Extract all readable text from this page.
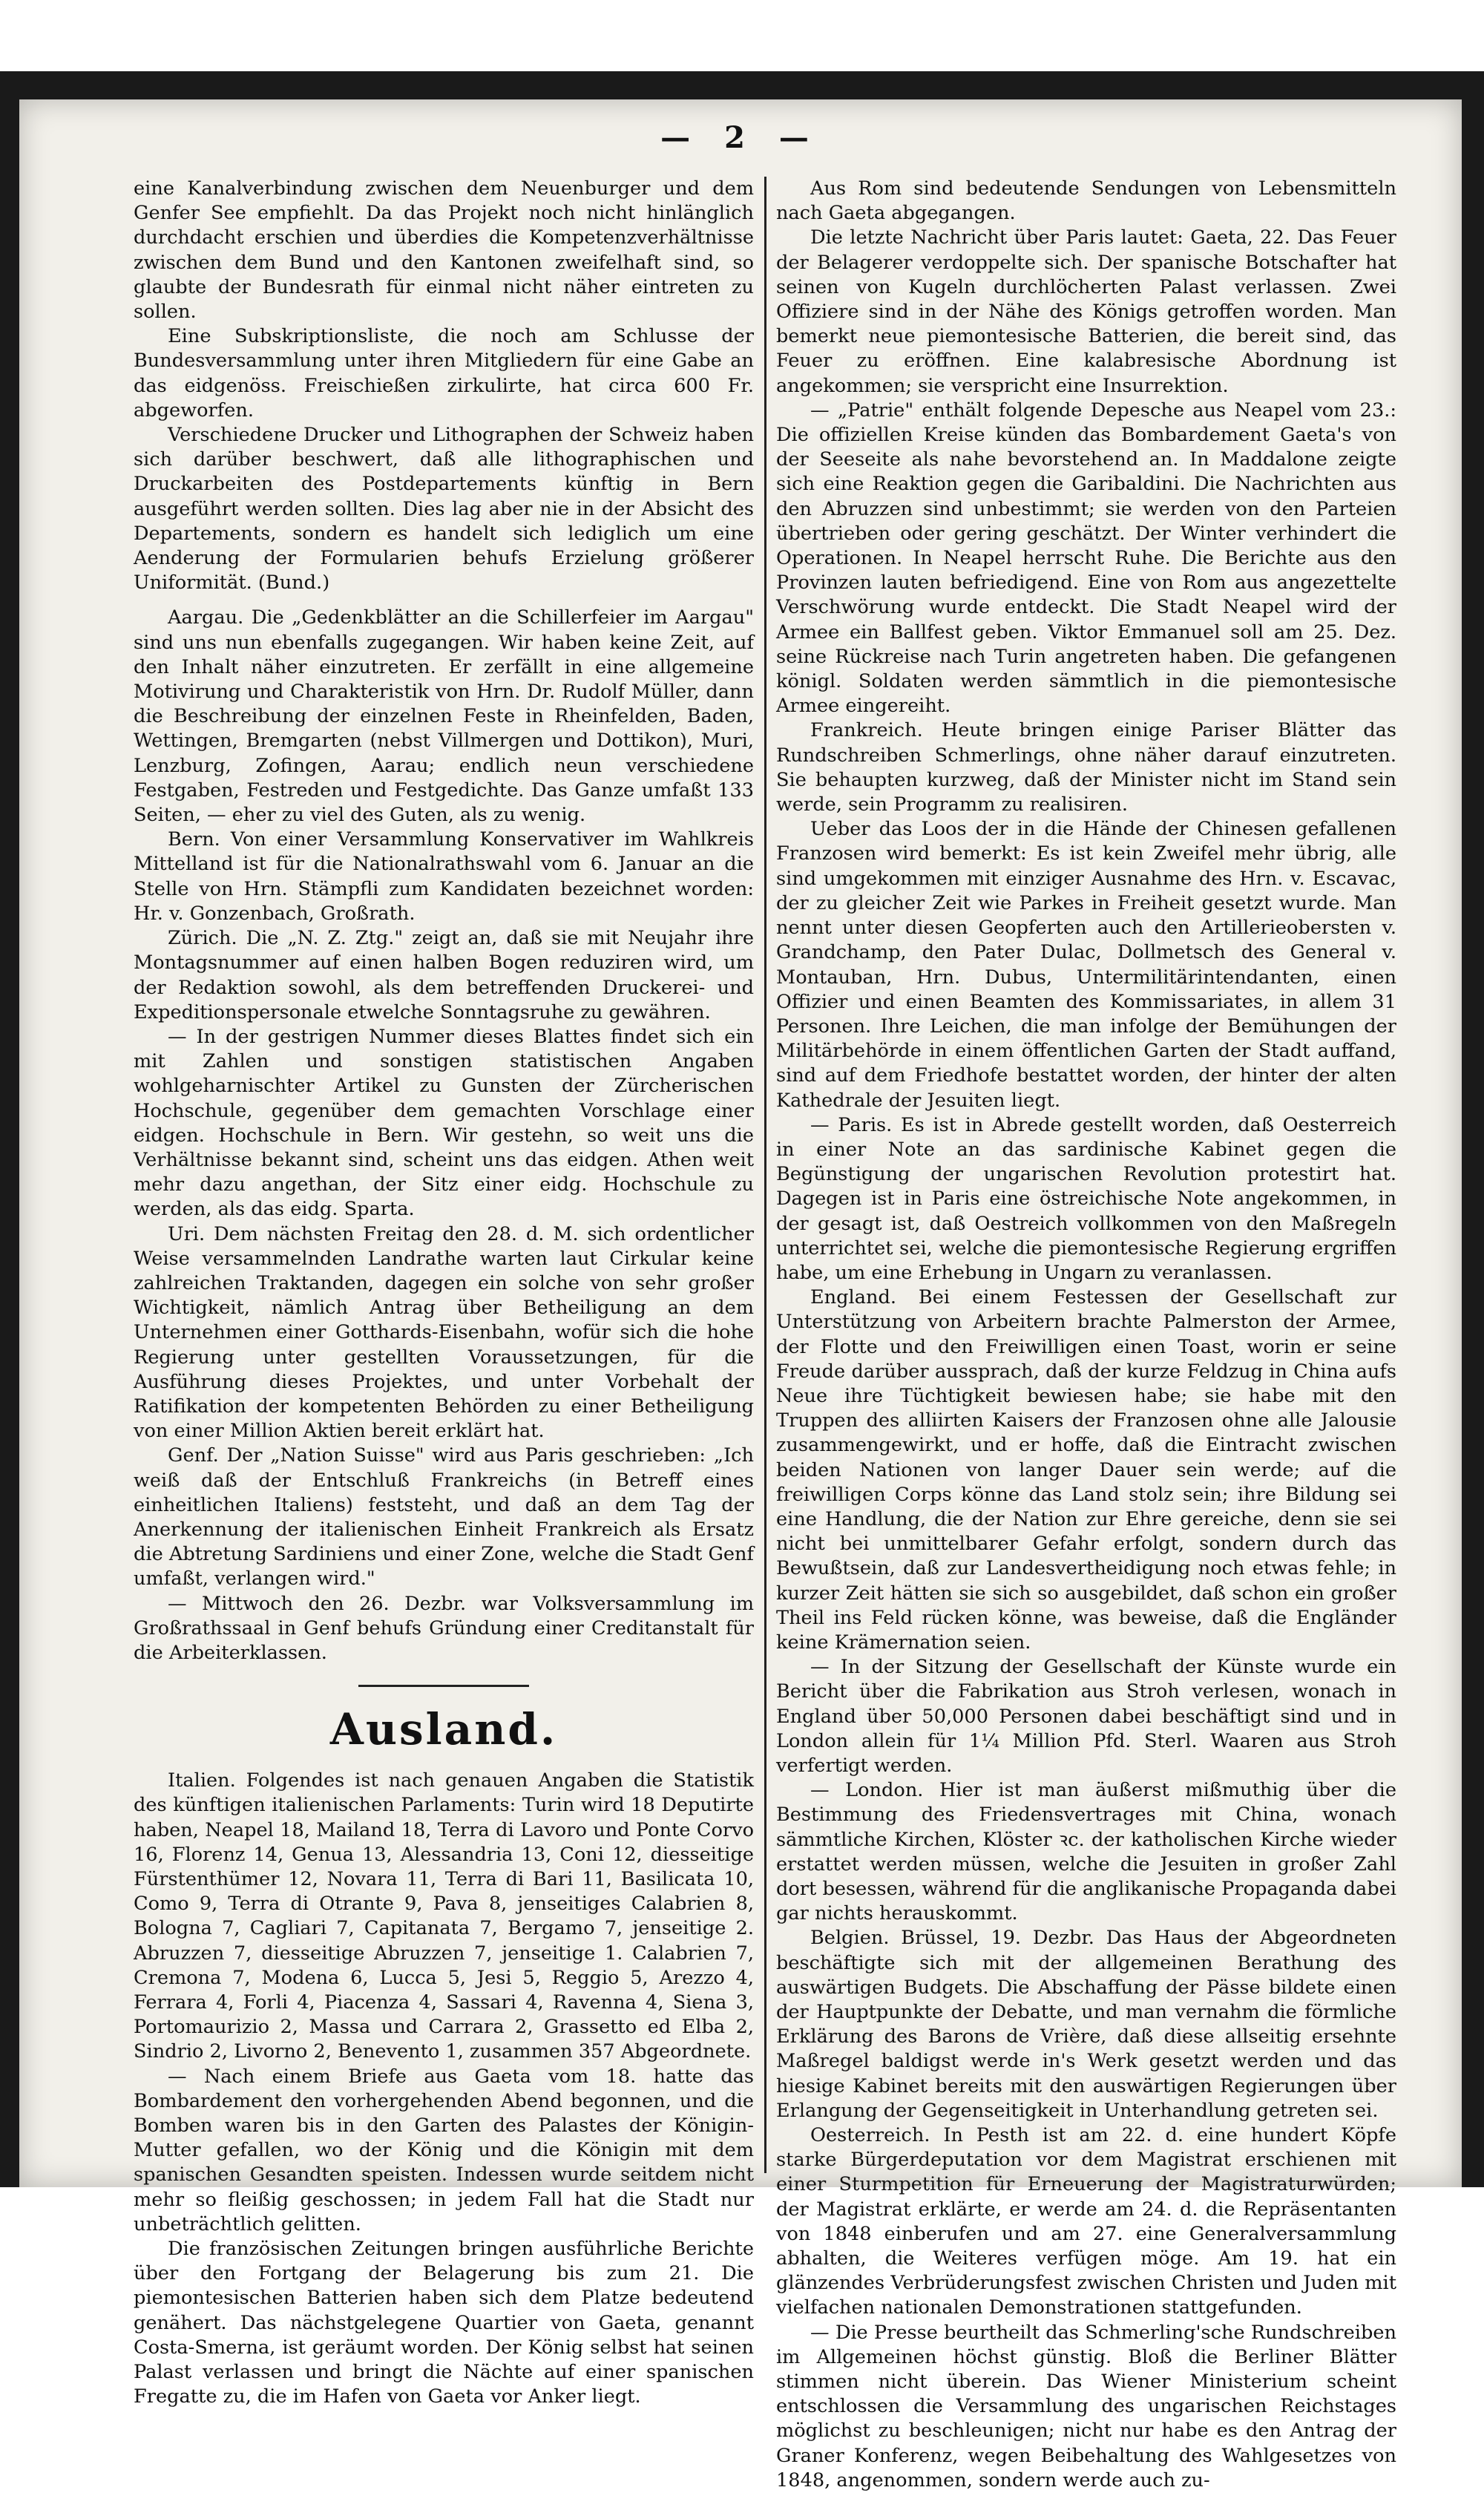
— 2 —

eine Kanalverbindung zwischen dem Neuenburger und dem Genfer See empfiehlt. Da das Projekt noch nicht hinlänglich durchdacht erschien und überdies die Kompetenzverhältnisse zwischen dem Bund und den Kantonen zweifelhaft sind, so glaubte der Bundesrath für einmal nicht näher eintreten zu sollen.

Eine Subskriptionsliste, die noch am Schlusse der Bundesversammlung unter ihren Mitgliedern für eine Gabe an das eidgenöss. Freischießen zirkulirte, hat circa 600 Fr. abgeworfen.

Verschiedene Drucker und Lithographen der Schweiz haben sich darüber beschwert, daß alle lithographischen und Druckarbeiten des Postdepartements künftig in Bern ausgeführt werden sollten. Dies lag aber nie in der Absicht des Departements, sondern es handelt sich lediglich um eine Aenderung der Formularien behufs Erzielung größerer Uniformität. (Bund.)

Aargau. Die „Gedenkblätter an die Schillerfeier im Aargau" sind uns nun ebenfalls zugegangen. Wir haben keine Zeit, auf den Inhalt näher einzutreten. Er zerfällt in eine allgemeine Motivirung und Charakteristik von Hrn. Dr. Rudolf Müller, dann die Beschreibung der einzelnen Feste in Rheinfelden, Baden, Wettingen, Bremgarten (nebst Villmergen und Dottikon), Muri, Lenzburg, Zofingen, Aarau; endlich neun verschiedene Festgaben, Festreden und Festgedichte. Das Ganze umfaßt 133 Seiten, — eher zu viel des Guten, als zu wenig.

Bern. Von einer Versammlung Konservativer im Wahlkreis Mittelland ist für die Nationalrathswahl vom 6. Januar an die Stelle von Hrn. Stämpfli zum Kandidaten bezeichnet worden: Hr. v. Gonzenbach, Großrath.

Zürich. Die „N. Z. Ztg." zeigt an, daß sie mit Neujahr ihre Montagsnummer auf einen halben Bogen reduziren wird, um der Redaktion sowohl, als dem betreffenden Druckerei- und Expeditionspersonale etwelche Sonntagsruhe zu gewähren.

— In der gestrigen Nummer dieses Blattes findet sich ein mit Zahlen und sonstigen statistischen Angaben wohlgeharnischter Artikel zu Gunsten der Zürcherischen Hochschule, gegenüber dem gemachten Vorschlage einer eidgen. Hochschule in Bern. Wir gestehn, so weit uns die Verhältnisse bekannt sind, scheint uns das eidgen. Athen weit mehr dazu angethan, der Sitz einer eidg. Hochschule zu werden, als das eidg. Sparta.

Uri. Dem nächsten Freitag den 28. d. M. sich ordentlicher Weise versammelnden Landrathe warten laut Cirkular keine zahlreichen Traktanden, dagegen ein solche von sehr großer Wichtigkeit, nämlich Antrag über Betheiligung an dem Unternehmen einer Gotthards-Eisenbahn, wofür sich die hohe Regierung unter gestellten Voraussetzungen, für die Ausführung dieses Projektes, und unter Vorbehalt der Ratifikation der kompetenten Behörden zu einer Betheiligung von einer Million Aktien bereit erklärt hat.

Genf. Der „Nation Suisse" wird aus Paris geschrieben: „Ich weiß daß der Entschluß Frankreichs (in Betreff eines einheitlichen Italiens) feststeht, und daß an dem Tag der Anerkennung der italienischen Einheit Frankreich als Ersatz die Abtretung Sardiniens und einer Zone, welche die Stadt Genf umfaßt, verlangen wird."

— Mittwoch den 26. Dezbr. war Volksversammlung im Großrathssaal in Genf behufs Gründung einer Creditanstalt für die Arbeiterklassen.

Ausland.

Italien. Folgendes ist nach genauen Angaben die Statistik des künftigen italienischen Parlaments: Turin wird 18 Deputirte haben, Neapel 18, Mailand 18, Terra di Lavoro und Ponte Corvo 16, Florenz 14, Genua 13, Alessandria 13, Coni 12, diesseitige Fürstenthümer 12, Novara 11, Terra di Bari 11, Basilicata 10, Como 9, Terra di Otrante 9, Pava 8, jenseitiges Calabrien 8, Bologna 7, Cagliari 7, Capitanata 7, Bergamo 7, jenseitige 2. Abruzzen 7, diesseitige Abruzzen 7, jenseitige 1. Calabrien 7, Cremona 7, Modena 6, Lucca 5, Jesi 5, Reggio 5, Arezzo 4, Ferrara 4, Forli 4, Piacenza 4, Sassari 4, Ravenna 4, Siena 3, Portomaurizio 2, Massa und Carrara 2, Grassetto ed Elba 2, Sindrio 2, Livorno 2, Benevento 1, zusammen 357 Abgeordnete.

— Nach einem Briefe aus Gaeta vom 18. hatte das Bombardement den vorhergehenden Abend begonnen, und die Bomben waren bis in den Garten des Palastes der Königin-Mutter gefallen, wo der König und die Königin mit dem spanischen Gesandten speisten. Indessen wurde seitdem nicht mehr so fleißig geschossen; in jedem Fall hat die Stadt nur unbeträchtlich gelitten.

Die französischen Zeitungen bringen ausführliche Berichte über den Fortgang der Belagerung bis zum 21. Die piemontesischen Batterien haben sich dem Platze bedeutend genähert. Das nächstgelegene Quartier von Gaeta, genannt Costa-Smerna, ist geräumt worden. Der König selbst hat seinen Palast verlassen und bringt die Nächte auf einer spanischen Fregatte zu, die im Hafen von Gaeta vor Anker liegt.

Aus Rom sind bedeutende Sendungen von Lebensmitteln nach Gaeta abgegangen.

Die letzte Nachricht über Paris lautet: Gaeta, 22. Das Feuer der Belagerer verdoppelte sich. Der spanische Botschafter hat seinen von Kugeln durchlöcherten Palast verlassen. Zwei Offiziere sind in der Nähe des Königs getroffen worden. Man bemerkt neue piemontesische Batterien, die bereit sind, das Feuer zu eröffnen. Eine kalabresische Abordnung ist angekommen; sie verspricht eine Insurrektion.

— „Patrie" enthält folgende Depesche aus Neapel vom 23.: Die offiziellen Kreise künden das Bombardement Gaeta's von der Seeseite als nahe bevorstehend an. In Maddalone zeigte sich eine Reaktion gegen die Garibaldini. Die Nachrichten aus den Abruzzen sind unbestimmt; sie werden von den Parteien übertrieben oder gering geschätzt. Der Winter verhindert die Operationen. In Neapel herrscht Ruhe. Die Berichte aus den Provinzen lauten befriedigend. Eine von Rom aus angezettelte Verschwörung wurde entdeckt. Die Stadt Neapel wird der Armee ein Ballfest geben. Viktor Emmanuel soll am 25. Dez. seine Rückreise nach Turin angetreten haben. Die gefangenen königl. Soldaten werden sämmtlich in die piemontesische Armee eingereiht.

Frankreich. Heute bringen einige Pariser Blätter das Rundschreiben Schmerlings, ohne näher darauf einzutreten. Sie behaupten kurzweg, daß der Minister nicht im Stand sein werde, sein Programm zu realisiren.

Ueber das Loos der in die Hände der Chinesen gefallenen Franzosen wird bemerkt: Es ist kein Zweifel mehr übrig, alle sind umgekommen mit einziger Ausnahme des Hrn. v. Escavac, der zu gleicher Zeit wie Parkes in Freiheit gesetzt wurde. Man nennt unter diesen Geopferten auch den Artillerieobersten v. Grandchamp, den Pater Dulac, Dollmetsch des General v. Montauban, Hrn. Dubus, Untermilitärintendanten, einen Offizier und einen Beamten des Kommissariates, in allem 31 Personen. Ihre Leichen, die man infolge der Bemühungen der Militärbehörde in einem öffentlichen Garten der Stadt auffand, sind auf dem Friedhofe bestattet worden, der hinter der alten Kathedrale der Jesuiten liegt.

— Paris. Es ist in Abrede gestellt worden, daß Oesterreich in einer Note an das sardinische Kabinet gegen die Begünstigung der ungarischen Revolution protestirt hat. Dagegen ist in Paris eine östreichische Note angekommen, in der gesagt ist, daß Oestreich vollkommen von den Maßregeln unterrichtet sei, welche die piemontesische Regierung ergriffen habe, um eine Erhebung in Ungarn zu veranlassen.

England. Bei einem Festessen der Gesellschaft zur Unterstützung von Arbeitern brachte Palmerston der Armee, der Flotte und den Freiwilligen einen Toast, worin er seine Freude darüber aussprach, daß der kurze Feldzug in China aufs Neue ihre Tüchtigkeit bewiesen habe; sie habe mit den Truppen des alliirten Kaisers der Franzosen ohne alle Jalousie zusammengewirkt, und er hoffe, daß die Eintracht zwischen beiden Nationen von langer Dauer sein werde; auf die freiwilligen Corps könne das Land stolz sein; ihre Bildung sei eine Handlung, die der Nation zur Ehre gereiche, denn sie sei nicht bei unmittelbarer Gefahr erfolgt, sondern durch das Bewußtsein, daß zur Landesvertheidigung noch etwas fehle; in kurzer Zeit hätten sie sich so ausgebildet, daß schon ein großer Theil ins Feld rücken könne, was beweise, daß die Engländer keine Krämernation seien.

— In der Sitzung der Gesellschaft der Künste wurde ein Bericht über die Fabrikation aus Stroh verlesen, wonach in England über 50,000 Personen dabei beschäftigt sind und in London allein für 1¼ Million Pfd. Sterl. Waaren aus Stroh verfertigt werden.

— London. Hier ist man äußerst mißmuthig über die Bestimmung des Friedensvertrages mit China, wonach sämmtliche Kirchen, Klöster ꝛc. der katholischen Kirche wieder erstattet werden müssen, welche die Jesuiten in großer Zahl dort besessen, während für die anglikanische Propaganda dabei gar nichts herauskommt.

Belgien. Brüssel, 19. Dezbr. Das Haus der Abgeordneten beschäftigte sich mit der allgemeinen Berathung des auswärtigen Budgets. Die Abschaffung der Pässe bildete einen der Hauptpunkte der Debatte, und man vernahm die förmliche Erklärung des Barons de Vrière, daß diese allseitig ersehnte Maßregel baldigst werde in's Werk gesetzt werden und das hiesige Kabinet bereits mit den auswärtigen Regierungen über Erlangung der Gegenseitigkeit in Unterhandlung getreten sei.

Oesterreich. In Pesth ist am 22. d. eine hundert Köpfe starke Bürgerdeputation vor dem Magistrat erschienen mit einer Sturmpetition für Erneuerung der Magistraturwürden; der Magistrat erklärte, er werde am 24. d. die Repräsentanten von 1848 einberufen und am 27. eine Generalversammlung abhalten, die Weiteres verfügen möge. Am 19. hat ein glänzendes Verbrüderungsfest zwischen Christen und Juden mit vielfachen nationalen Demonstrationen stattgefunden.

— Die Presse beurtheilt das Schmerling'sche Rundschreiben im Allgemeinen höchst günstig. Bloß die Berliner Blätter stimmen nicht überein. Das Wiener Ministerium scheint entschlossen die Versammlung des ungarischen Reichstages möglichst zu beschleunigen; nicht nur habe es den Antrag der Graner Konferenz, wegen Beibehaltung des Wahlgesetzes von 1848, angenommen, sondern werde auch zu-
